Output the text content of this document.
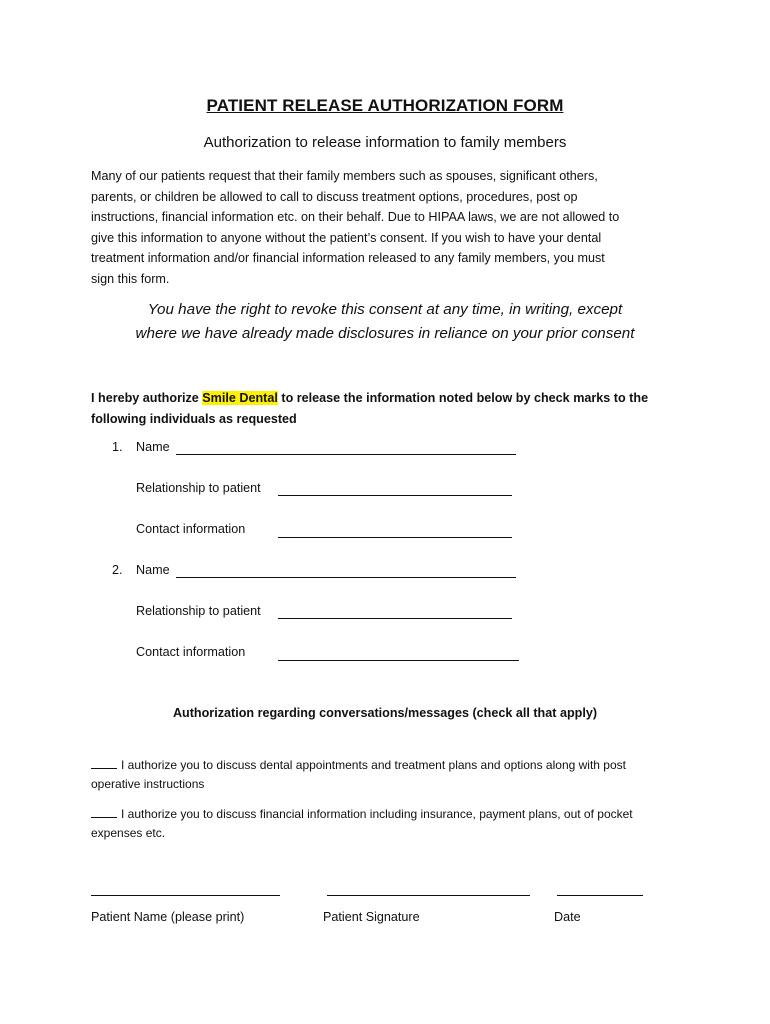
PATIENT RELEASE AUTHORIZATION FORM
Authorization to release information to family members
Many of our patients request that their family members such as spouses, significant others,
parents, or children be allowed to call to discuss treatment options, procedures, post op
instructions, financial information etc. on their behalf. Due to HIPAA laws, we are not allowed to
give this information to anyone without the patient’s consent. If you wish to have your dental
treatment information and/or financial information released to any family members, you must
sign this form.
You have the right to revoke this consent at any time, in writing, except
where we have already made disclosures in reliance on your prior consent
I hereby authorize Smile Dental to release the information noted below by check marks to the
following individuals as requested
1. Name
Relationship to patient
Contact information
2. Name
Relationship to patient
Contact information
Authorization regarding conversations/messages (check all that apply)
I authorize you to discuss dental appointments and treatment plans and options along with post
operative instructions
I authorize you to discuss financial information including insurance, payment plans, out of pocket
expenses etc.
Patient Name (please print)	Patient Signature	Date
